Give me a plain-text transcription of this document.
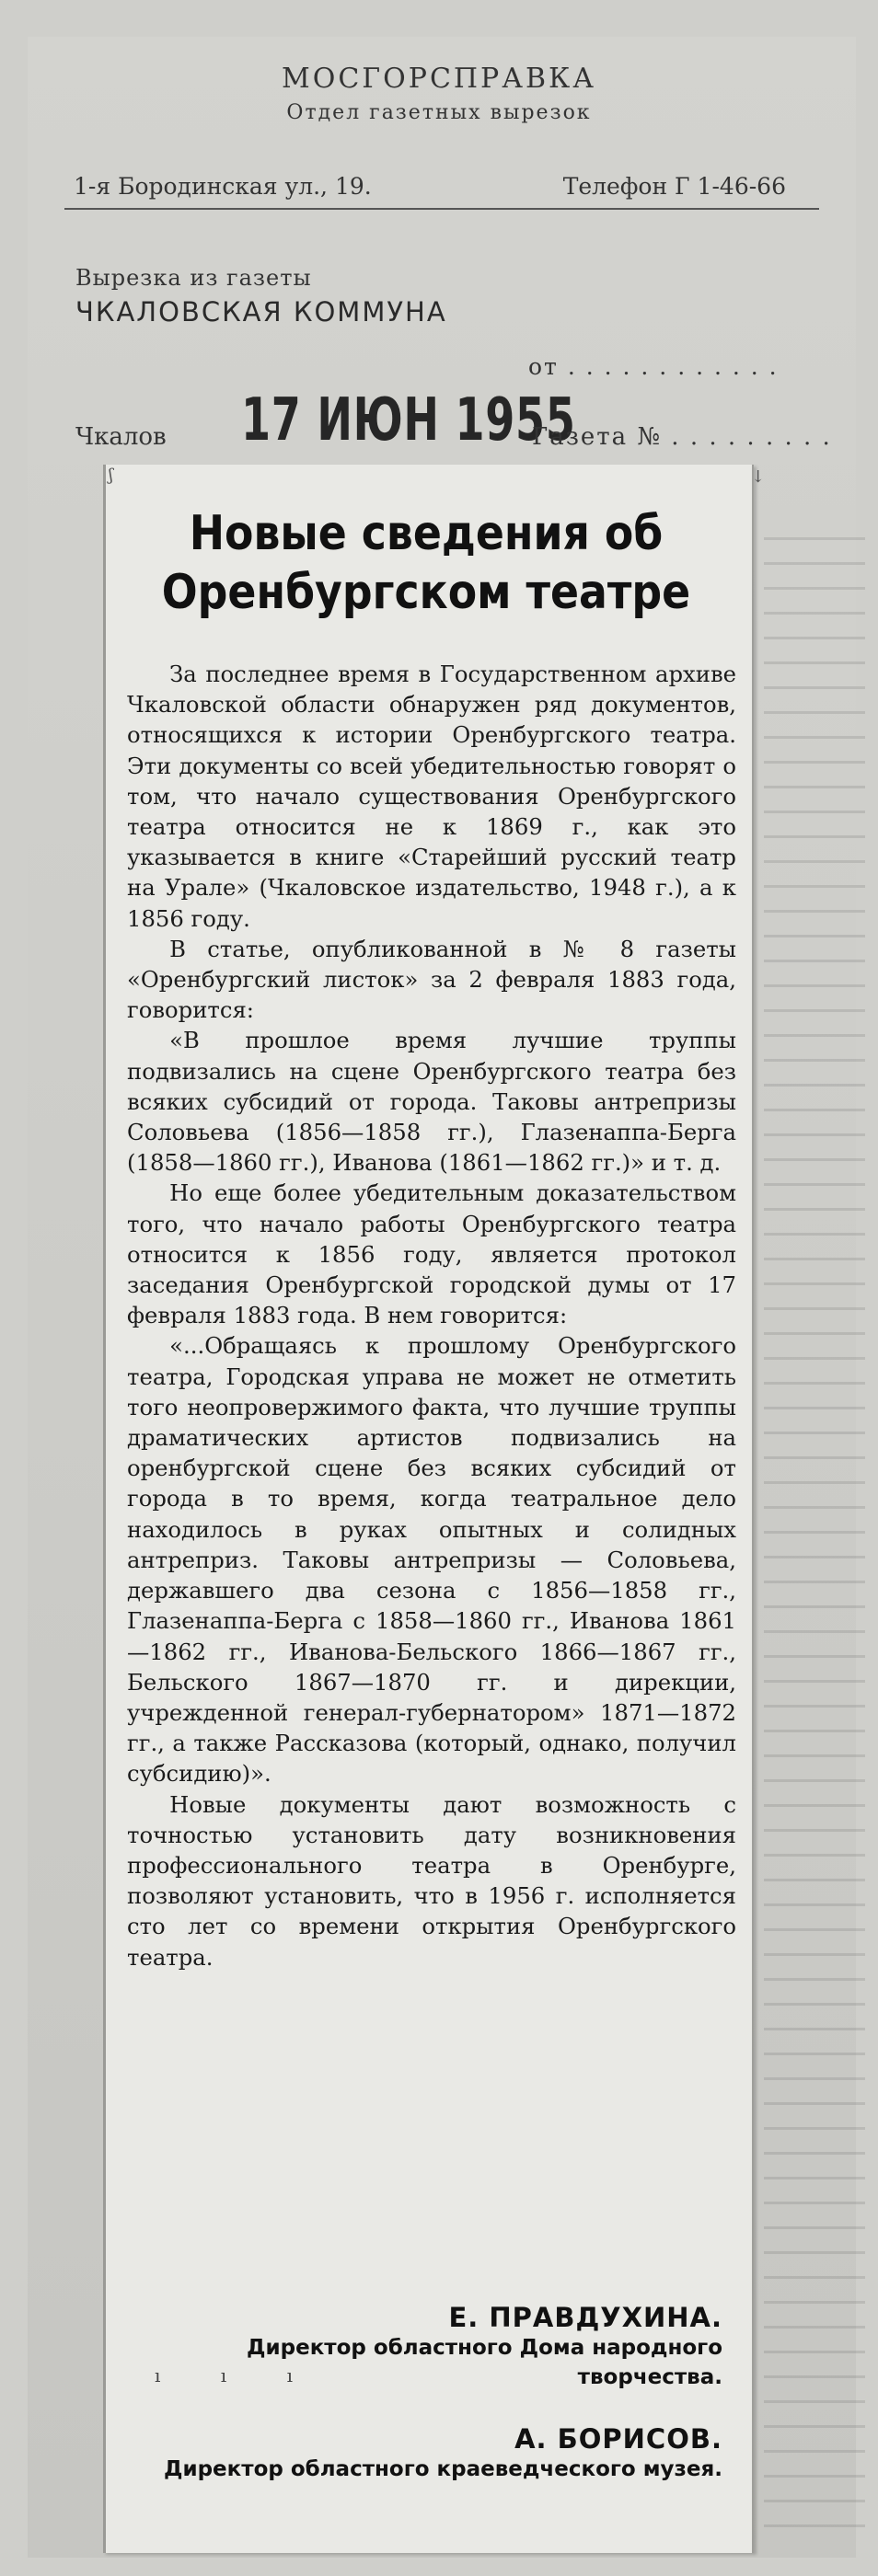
МОСГОРСПРАВКА
Отдел газетных вырезок
1-я Бородинская ул., 19.	Телефон Г 1-46-66
Вырезка из газеты
ЧКАЛОВСКАЯ КОММУНА
от . . . . . . . . . . . .
17 ИЮН 1955
Чкалов	Газета № . . . . . . . . .
ʃ	↓
Новые сведения об Оренбургском театре

За последнее время в Государственном архиве Чкаловской области обнаружен ряд документов, относящихся к истории Оренбургского театра. Эти документы со всей убедительностью говорят о том, что начало существования Оренбургского театра относится не к 1869 г., как это указывается в книге «Старейший русский театр на Урале» (Чкаловское издательство, 1948 г.), а к 1856 году.

В статье, опубликованной в № 8 газеты «Оренбургский листок» за 2 февраля 1883 года, говорится:

«В прошлое время лучшие труппы подвизались на сцене Оренбургского театра без всяких субсидий от города. Таковы антрепризы Соловьева (1856—1858 гг.), Глазенаппа-Берга (1858—1860 гг.), Иванова (1861—1862 гг.)» и т. д.

Но еще более убедительным доказательством того, что начало работы Оренбургского театра относится к 1856 году, является протокол заседания Оренбургской городской думы от 17 февраля 1883 года. В нем говорится:

«...Обращаясь к прошлому Оренбургского театра, Городская управа не может не отметить того неопровержимого факта, что лучшие труппы драматических артистов подвизались на оренбургской сцене без всяких субсидий от города в то время, когда театральное дело находилось в руках опытных и солидных антреприз. Таковы антрепризы — Соловьева, державшего два сезона с 1856—1858 гг., Глазенаппа-Берга с 1858—1860 гг., Иванова 1861—1862 гг., Иванова-Бельского 1866—1867 гг., Бельского 1867—1870 гг. и дирекции, учрежденной генерал-губернатором» 1871—1872 гг., а также Рассказова (который, однако, получил субсидию)».

Новые документы дают возможность с точностью установить дату возникновения профессионального театра в Оренбурге, позволяют установить, что в 1956 г. исполняется сто лет со времени открытия Оренбургского театра.

Е. ПРАВДУХИНА.
Директор областного Дома народного творчества.
А. БОРИСОВ.
Директор областного краеведческого музея.
ı	ı	ı
